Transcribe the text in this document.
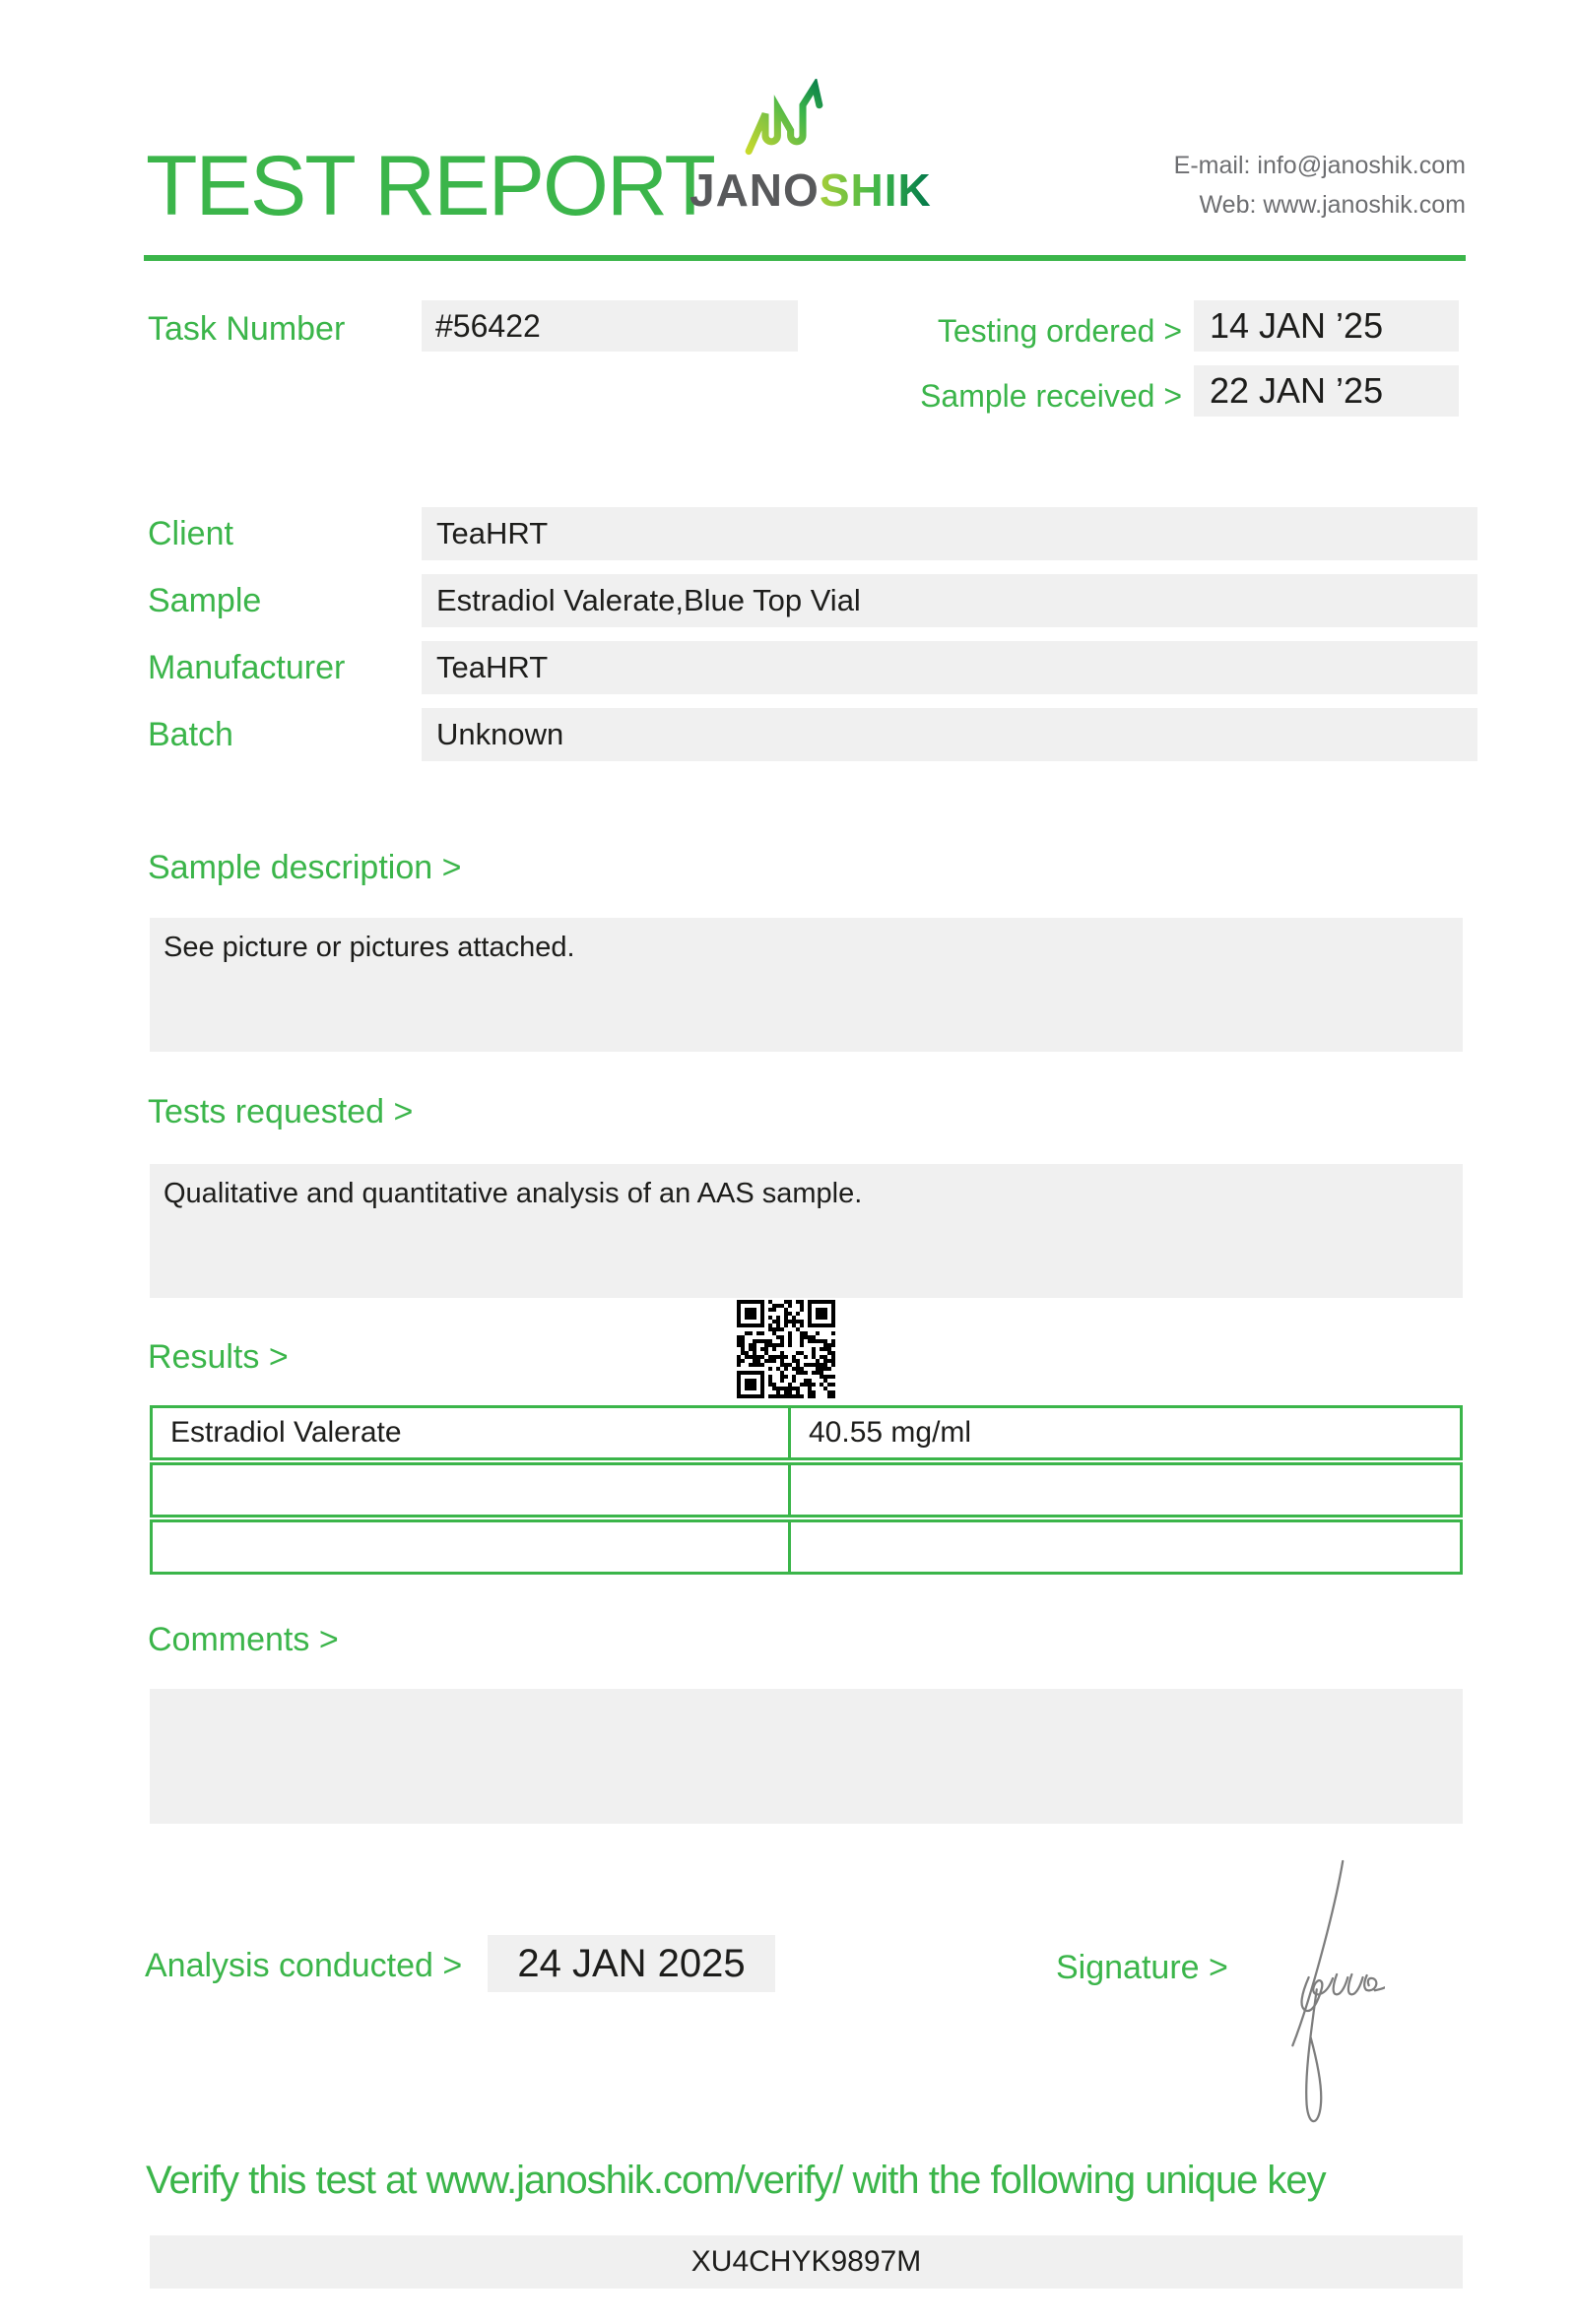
TEST REPORT
JANOSHIK	E-mail: info@janoshik.com
Web: www.janoshik.com
Task Number	#56422	Testing ordered > 14 JAN ’25
Sample received > 22 JAN ’25
Client	TeaHRT
Sample	Estradiol Valerate,Blue Top Vial
Manufacturer	TeaHRT
Batch	Unknown
Sample description >
See picture or pictures attached.
Tests requested >
Qualitative and quantitative analysis of an AAS sample.
Results >
Estradiol Valerate	40.55 mg/ml
Comments >
Analysis conducted >	24 JAN 2025	Signature >
Verify this test at www.janoshik.com/verify/ with the following unique key
XU4CHYK9897M
